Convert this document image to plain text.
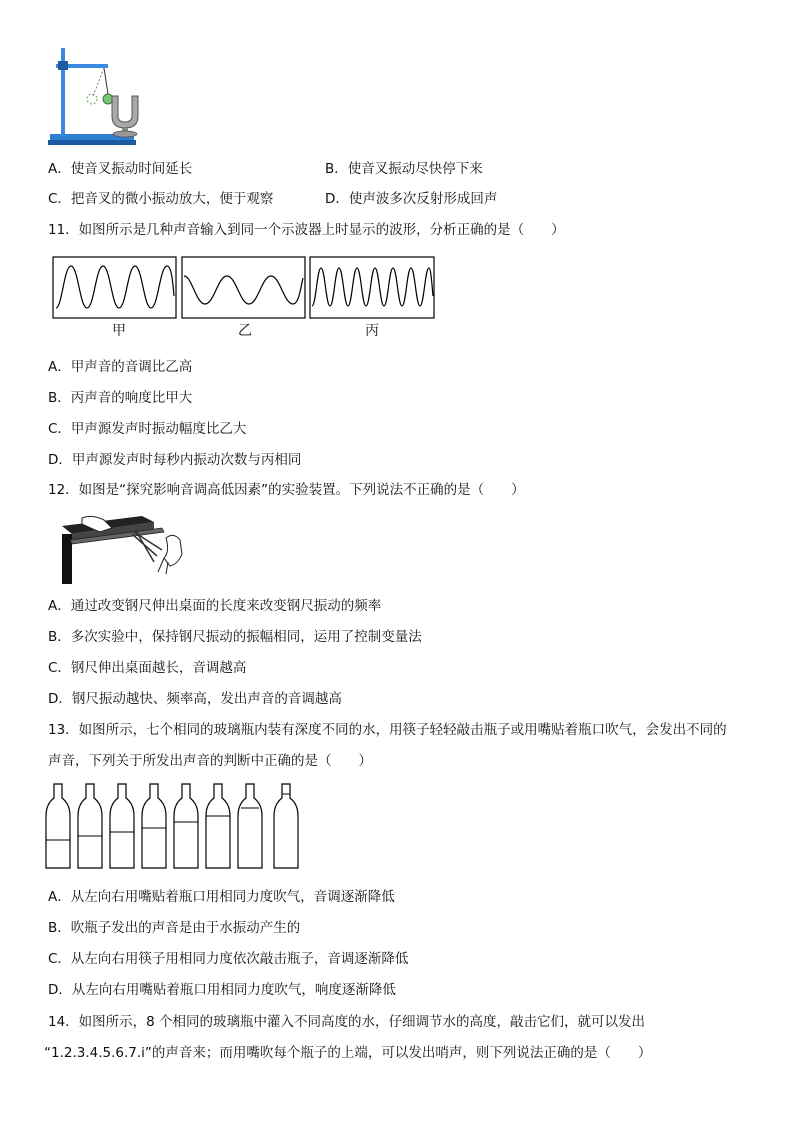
A．使音叉振动时间延长	B．使音叉振动尽快停下来
C．把音叉的微小振动放大，便于观察	D．使声波多次反射形成回声
11．如图所示是几种声音输入到同一个示波器上时显示的波形，分析正确的是（　　）
甲	乙	丙
A．甲声音的音调比乙高
B．丙声音的响度比甲大
C．甲声源发声时振动幅度比乙大
D．甲声源发声时每秒内振动次数与丙相同
12．如图是“探究影响音调高低因素”的实验装置。下列说法不正确的是（　　）
A．通过改变钢尺伸出桌面的长度来改变钢尺振动的频率
B．多次实验中，保持钢尺振动的振幅相同，运用了控制变量法
C．钢尺伸出桌面越长，音调越高
D．钢尺振动越快、频率高，发出声音的音调越高
13．如图所示，七个相同的玻璃瓶内装有深度不同的水，用筷子轻轻敲击瓶子或用嘴贴着瓶口吹气，会发出不同的
声音，下列关于所发出声音的判断中正确的是（　　）
A．从左向右用嘴贴着瓶口用相同力度吹气，音调逐渐降低
B．吹瓶子发出的声音是由于水振动产生的
C．从左向右用筷子用相同力度依次敲击瓶子，音调逐渐降低
D．从左向右用嘴贴着瓶口用相同力度吹气，响度逐渐降低
14．如图所示，8 个相同的玻璃瓶中灌入不同高度的水，仔细调节水的高度，敲击它们，就可以发出
“1.2.3.4.5.6.7.i”的声音来；而用嘴吹每个瓶子的上端，可以发出哨声，则下列说法正确的是（　　）
